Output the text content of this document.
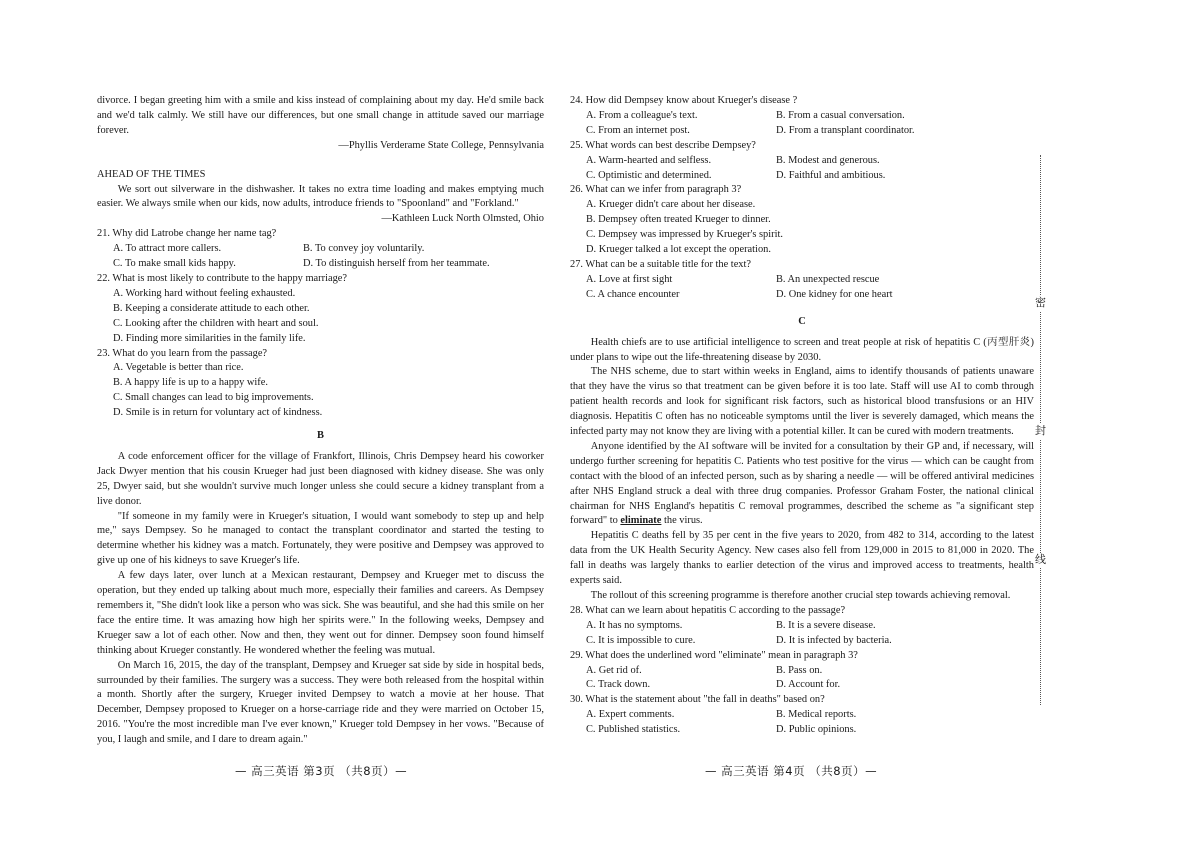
divorce. I began greeting him with a smile and kiss instead of complaining about my day. He'd smile back and we'd talk calmly. We still have our differences, but one small change in attitude saved our marriage forever.

—Phyllis Verderame State College, Pennsylvania

AHEAD OF THE TIMES

We sort out silverware in the dishwasher. It takes no extra time loading and makes emptying much easier. We always smile when our kids, now adults, introduce friends to "Spoonland" and "Forkland."

—Kathleen Luck North Olmsted, Ohio

21. Why did Latrobe change her name tag?

A. To attract more callers.	B. To convey joy voluntarily.
C. To make small kids happy.	D. To distinguish herself from her teammate.

22. What is most likely to contribute to the happy marriage?

A. Working hard without feeling exhausted.
B. Keeping a considerate attitude to each other.
C. Looking after the children with heart and soul.
D. Finding more similarities in the family life.

23. What do you learn from the passage?

A. Vegetable is better than rice.
B. A happy life is up to a happy wife.
C. Small changes can lead to big improvements.
D. Smile is in return for voluntary act of kindness.

B

A code enforcement officer for the village of Frankfort, Illinois, Chris Dempsey heard his coworker Jack Dwyer mention that his cousin Krueger had just been diagnosed with kidney disease. She was only 25, Dwyer said, but she wouldn't survive much longer unless she could secure a kidney transplant from a live donor.

"If someone in my family were in Krueger's situation, I would want somebody to step up and help me," says Dempsey. So he managed to contact the transplant coordinator and started the testing to determine whether his kidney was a match. Fortunately, they were positive and Dempsey was approved to give up one of his kidneys to save Krueger's life.

A few days later, over lunch at a Mexican restaurant, Dempsey and Krueger met to discuss the operation, but they ended up talking about much more, especially their families and careers. As Dempsey remembers it, "She didn't look like a person who was sick. She was beautiful, and she had this smile on her face the entire time. It was amazing how high her spirits were." In the following weeks, Dempsey and Krueger saw a lot of each other. Now and then, they went out for dinner. Dempsey soon found himself thinking about Krueger constantly. He wondered whether the feeling was mutual.

On March 16, 2015, the day of the transplant, Dempsey and Krueger sat side by side in hospital beds, surrounded by their families. The surgery was a success. They were both released from the hospital within a month. Shortly after the surgery, Krueger invited Dempsey to watch a movie at her house. That December, Dempsey proposed to Krueger on a horse-carriage ride and they were married on October 15, 2016. "You're the most incredible man I've ever known," Krueger told Dempsey in her vows. "Because of you, I laugh and smile, and I dare to dream again."

24. How did Dempsey know about Krueger's disease ?

A. From a colleague's text.	B. From a casual conversation.
C. From an internet post.	D. From a transplant coordinator.

25. What words can best describe Dempsey?

A. Warm-hearted and selfless.	B. Modest and generous.
C. Optimistic and determined.	D. Faithful and ambitious.

26. What can we infer from paragraph 3?

A. Krueger didn't care about her disease.
B. Dempsey often treated Krueger to dinner.
C. Dempsey was impressed by Krueger's spirit.
D. Krueger talked a lot except the operation.

27. What can be a suitable title for the text?

A. Love at first sight	B. An unexpected rescue
C. A chance encounter	D. One kidney for one heart

C

Health chiefs are to use artificial intelligence to screen and treat people at risk of hepatitis C (丙型肝炎) under plans to wipe out the life-threatening disease by 2030.

The NHS scheme, due to start within weeks in England, aims to identify thousands of patients unaware that they have the virus so that treatment can be given before it is too late. Staff will use AI to comb through patient health records and look for significant risk factors, such as historical blood transfusions or an HIV diagnosis. Hepatitis C often has no noticeable symptoms until the liver is severely damaged, which means the infected party may not know they are living with a potential killer. It can be cured with modern treatments.

Anyone identified by the AI software will be invited for a consultation by their GP and, if necessary, will undergo further screening for hepatitis C. Patients who test positive for the virus — which can be caught from contact with the blood of an infected person, such as by sharing a needle — will be offered antiviral medicines after NHS England struck a deal with three drug companies. Professor Graham Foster, the national clinical chairman for NHS England's hepatitis C removal programmes, described the scheme as "a significant step forward" to eliminate the virus.

Hepatitis C deaths fell by 35 per cent in the five years to 2020, from 482 to 314, according to the latest data from the UK Health Security Agency. New cases also fell from 129,000 in 2015 to 81,000 in 2020. The fall in deaths was largely thanks to earlier detection of the virus and improved access to treatments, health experts said.

The rollout of this screening programme is therefore another crucial step towards achieving removal.

28. What can we learn about hepatitis C according to the passage?

A. It has no symptoms.	B. It is a severe disease.
C. It is impossible to cure.	D. It is infected by bacteria.

29. What does the underlined word "eliminate" mean in paragraph 3?

A. Get rid of.	B. Pass on.
C. Track down.	D. Account for.

30. What is the statement about "the fall in deaths" based on?

A. Expert comments.	B. Medical reports.
C. Published statistics.	D. Public opinions.
— 高三英语 第3页 （共8页）—	— 高三英语 第4页 （共8页）—
密
封
线
